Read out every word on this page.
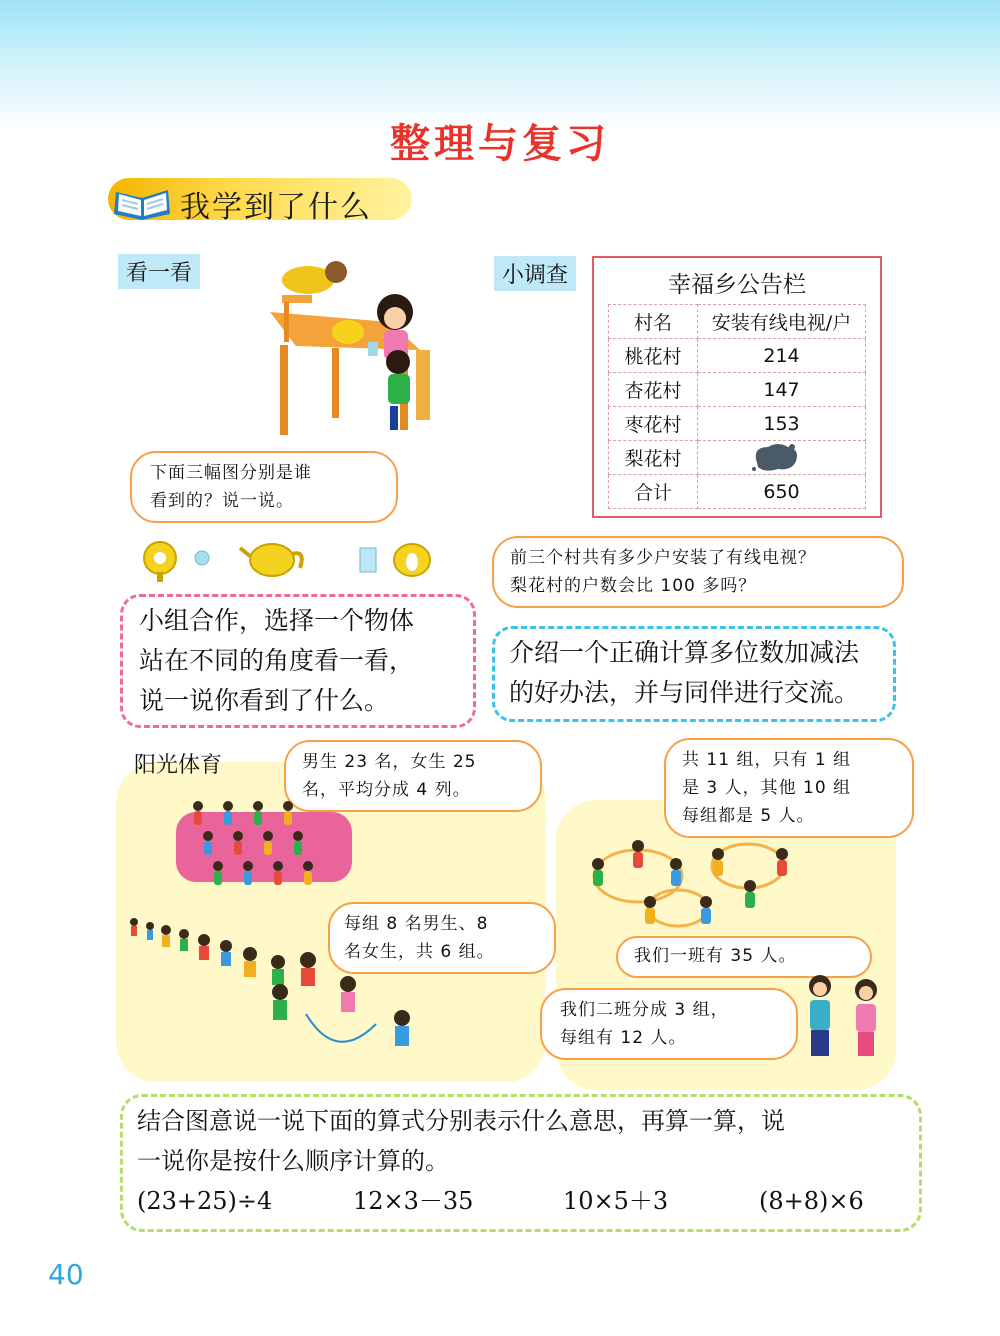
整理与复习
我学到了什么
看一看
下面三幅图分别是谁
看到的？说一说。
小组合作，选择一个物体
站在不同的角度看一看，
说一说你看到了什么。
小调查	幸福乡公告栏
村名	安装有线电视/户
桃花村	214
杏花村	147
枣花村	153
梨花村	

合计	650
前三个村共有多少户安装了有线电视？
梨花村的户数会比 100 多吗？
介绍一个正确计算多位数加减法
的好办法，并与同伴进行交流。
阳光体育	男生 23 名，女生 25
名，平均分成 4 列。
共 11 组，只有 1 组
是 3 人，其他 10 组
每组都是 5 人。
每组 8 名男生、8
名女生，共 6 组。	我们一班有 35 人。
我们二班分成 3 组，
每组有 12 人。
结合图意说一说下面的算式分别表示什么意思，再算一算，说
一说你是按什么顺序计算的。
(23+25)÷4	12×3－35	10×5＋3	(8+8)×6
40
